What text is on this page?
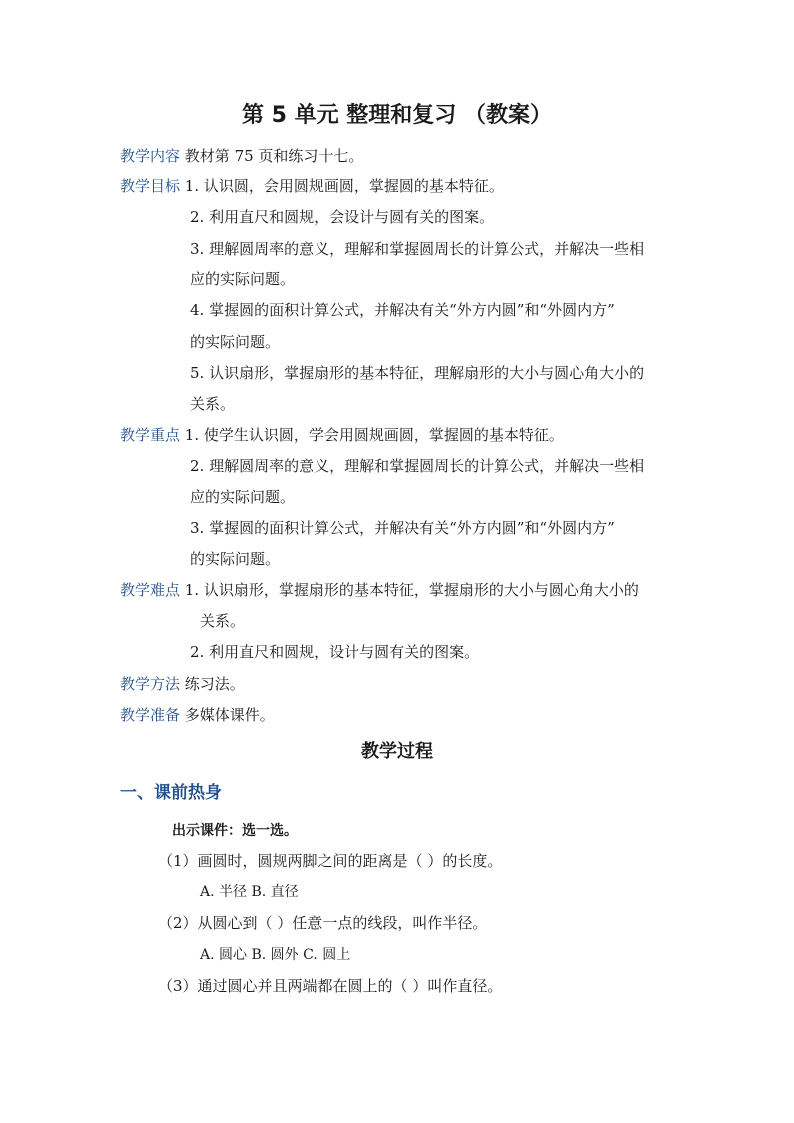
第 5 单元 整理和复习 （教案）
教学内容 教材第 75 页和练习十七。
教学目标 1. 认识圆，会用圆规画圆，掌握圆的基本特征。
2. 利用直尺和圆规，会设计与圆有关的图案。
3. 理解圆周率的意义，理解和掌握圆周长的计算公式，并解决一些相
应的实际问题。
4. 掌握圆的面积计算公式，并解决有关“外方内圆”和“外圆内方”
的实际问题。
5. 认识扇形，掌握扇形的基本特征，理解扇形的大小与圆心角大小的
关系。
教学重点 1. 使学生认识圆，学会用圆规画圆，掌握圆的基本特征。
2. 理解圆周率的意义，理解和掌握圆周长的计算公式，并解决一些相
应的实际问题。
3. 掌握圆的面积计算公式，并解决有关“外方内圆”和“外圆内方”
的实际问题。
教学难点 1. 认识扇形，掌握扇形的基本特征，掌握扇形的大小与圆心角大小的
关系。
2. 利用直尺和圆规，设计与圆有关的图案。
教学方法 练习法。
教学准备 多媒体课件。
教学过程
一、课前热身
出示课件：选一选。
（1）画圆时，圆规两脚之间的距离是（ ）的长度。
A. 半径 B. 直径
（2）从圆心到（ ）任意一点的线段，叫作半径。
A. 圆心 B. 圆外 C. 圆上
（3）通过圆心并且两端都在圆上的（ ）叫作直径。
